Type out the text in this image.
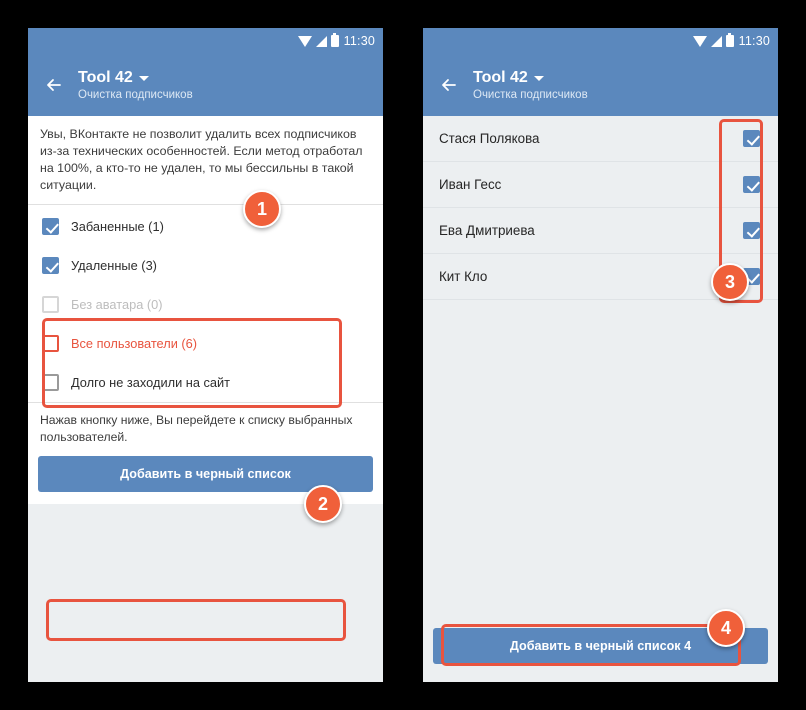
11:30
Tool 42
Очистка подписчиков
Увы, ВКонтакте не позволит удалить всех подписчиков из-за технических особенностей. Если метод отработал на 100%, а кто-то не удален, то мы бессильны в такой ситуации.
Забаненные (1)
Удаленные (3)
Без аватара (0)
Все пользователи (6)
Долго не заходили на сайт
Нажав кнопку ниже, Вы перейдете к списку выбранных пользователей.
Добавить в черный список
11:30
Tool 42
Очистка подписчиков
Стася Полякова
Иван Гесс
Ева Дмитриева
Кит Кло
Добавить в черный список 4
1
2
3
4
